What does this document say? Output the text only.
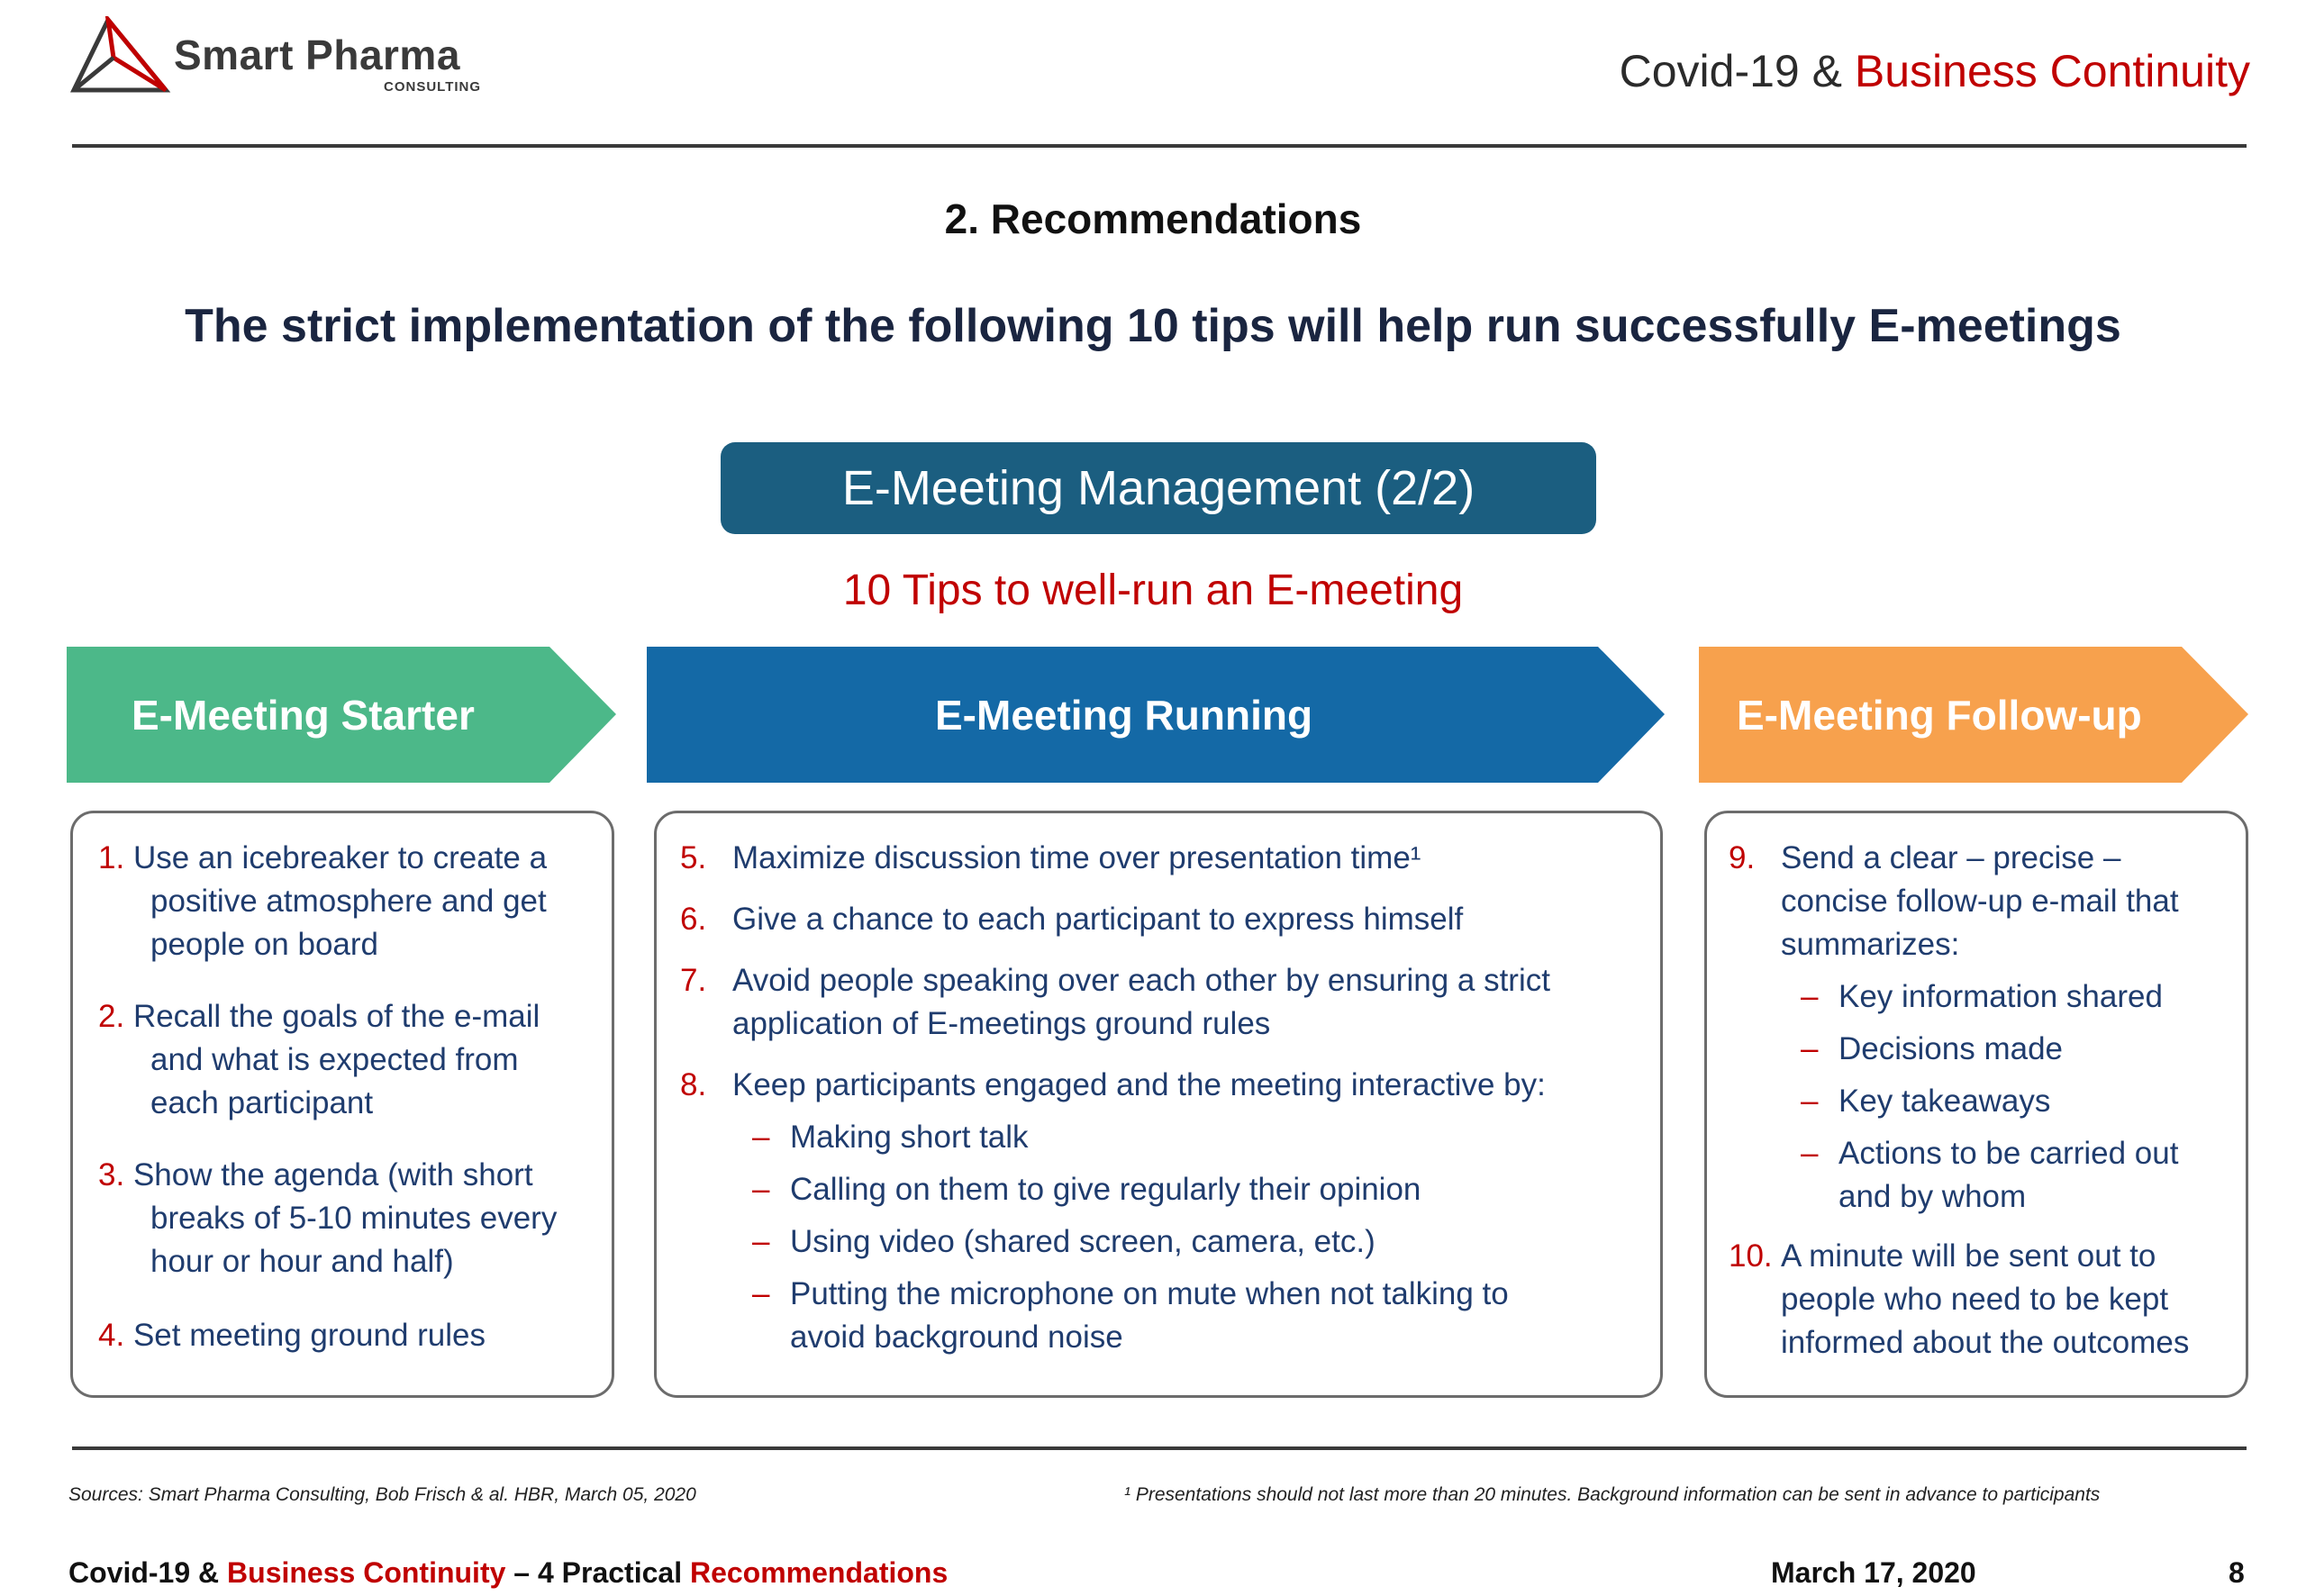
Smart Pharma
CONSULTING	Covid-19 & Business Continuity
2. Recommendations
The strict implementation of the following 10 tips will help run successfully E-meetings
E-Meeting Management (2/2)
10 Tips to well-run an E-meeting
E-Meeting Starter	E-Meeting Running	E-Meeting Follow-up
1. Use an icebreaker to create a
positive atmosphere and get
people on board
2. Recall the goals of the e-mail
and what is expected from
each participant
3. Show the agenda (with short
breaks of 5-10 minutes every
hour or hour and half)
4. Set meeting ground rules
5. Maximize discussion time over presentation time¹
6. Give a chance to each participant to express himself
7. Avoid people speaking over each other by ensuring a strict
application of E-meetings ground rules
8. Keep participants engaged and the meeting interactive by:
– Making short talk
– Calling on them to give regularly their opinion
– Using video (shared screen, camera, etc.)
– Putting the microphone on mute when not talking to
avoid background noise
9. Send a clear – precise –
concise follow-up e-mail that
summarizes:
– Key information shared
– Decisions made
– Key takeaways
– Actions to be carried out
and by whom
10. A minute will be sent out to
people who need to be kept
informed about the outcomes
Sources: Smart Pharma Consulting, Bob Frisch & al. HBR, March 05, 2020	¹ Presentations should not last more than 20 minutes. Background information can be sent in advance to participants
Covid-19 & Business Continuity – 4 Practical Recommendations	March 17, 2020	8
